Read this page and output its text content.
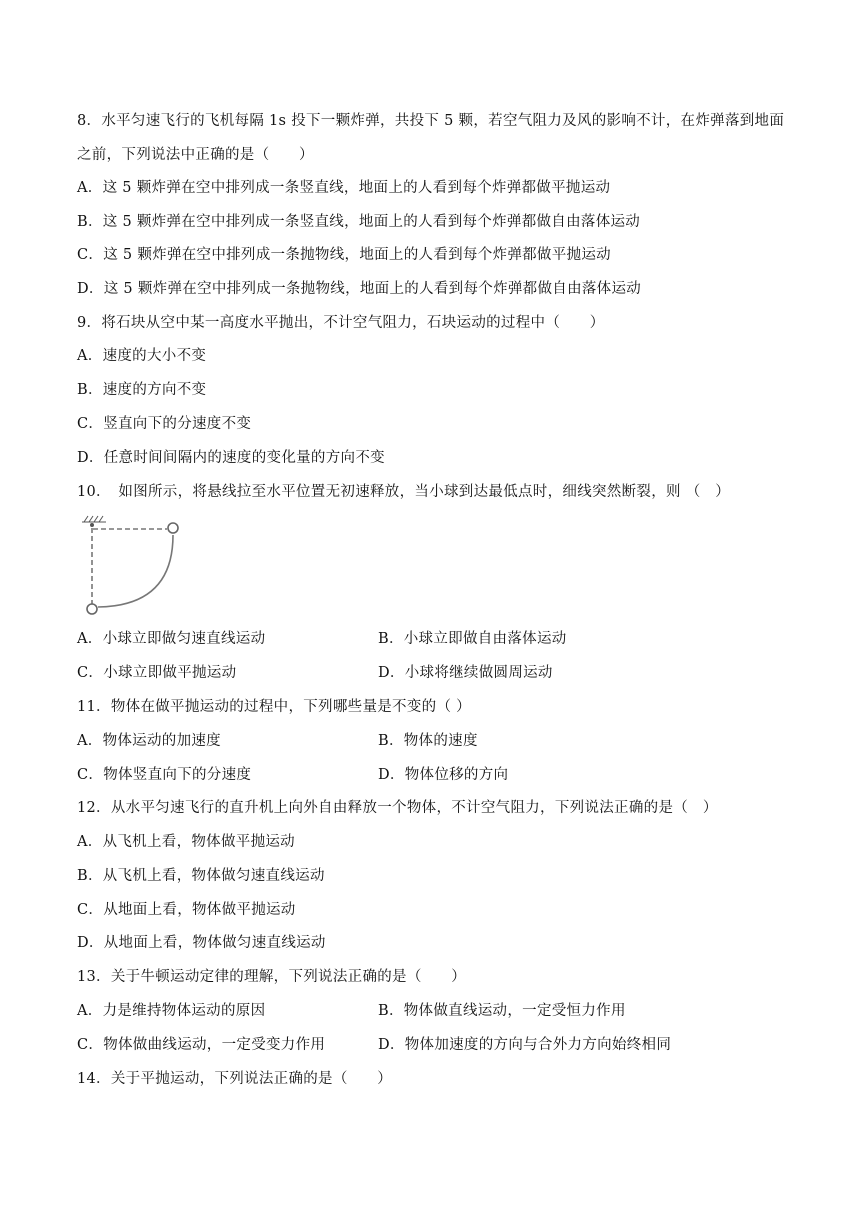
8．水平匀速飞行的飞机每隔 1s 投下一颗炸弹，共投下 5 颗，若空气阻力及风的影响不计，在炸弹落到地面
之前，下列说法中正确的是（　　）
A．这 5 颗炸弹在空中排列成一条竖直线，地面上的人看到每个炸弹都做平抛运动
B．这 5 颗炸弹在空中排列成一条竖直线，地面上的人看到每个炸弹都做自由落体运动
C．这 5 颗炸弹在空中排列成一条抛物线，地面上的人看到每个炸弹都做平抛运动
D．这 5 颗炸弹在空中排列成一条抛物线，地面上的人看到每个炸弹都做自由落体运动
9．将石块从空中某一高度水平抛出，不计空气阻力，石块运动的过程中（　　）
A．速度的大小不变
B．速度的方向不变
C．竖直向下的分速度不变
D．任意时间间隔内的速度的变化量的方向不变
10．　如图所示，将悬线拉至水平位置无初速释放，当小球到达最低点时，细线突然断裂，则 （　）
A．小球立即做匀速直线运动	B．小球立即做自由落体运动
C．小球立即做平抛运动	D．小球将继续做圆周运动
11．物体在做平抛运动的过程中，下列哪些量是不变的（ ）
A．物体运动的加速度	B．物体的速度
C．物体竖直向下的分速度	D．物体位移的方向
12．从水平匀速飞行的直升机上向外自由释放一个物体，不计空气阻力，下列说法正确的是（　）
A．从飞机上看，物体做平抛运动
B．从飞机上看，物体做匀速直线运动
C．从地面上看，物体做平抛运动
D．从地面上看，物体做匀速直线运动
13．关于牛顿运动定律的理解，下列说法正确的是（　　）
A．力是维持物体运动的原因	B．物体做直线运动，一定受恒力作用
C．物体做曲线运动，一定受变力作用	D．物体加速度的方向与合外力方向始终相同
14．关于平抛运动，下列说法正确的是（　　）
